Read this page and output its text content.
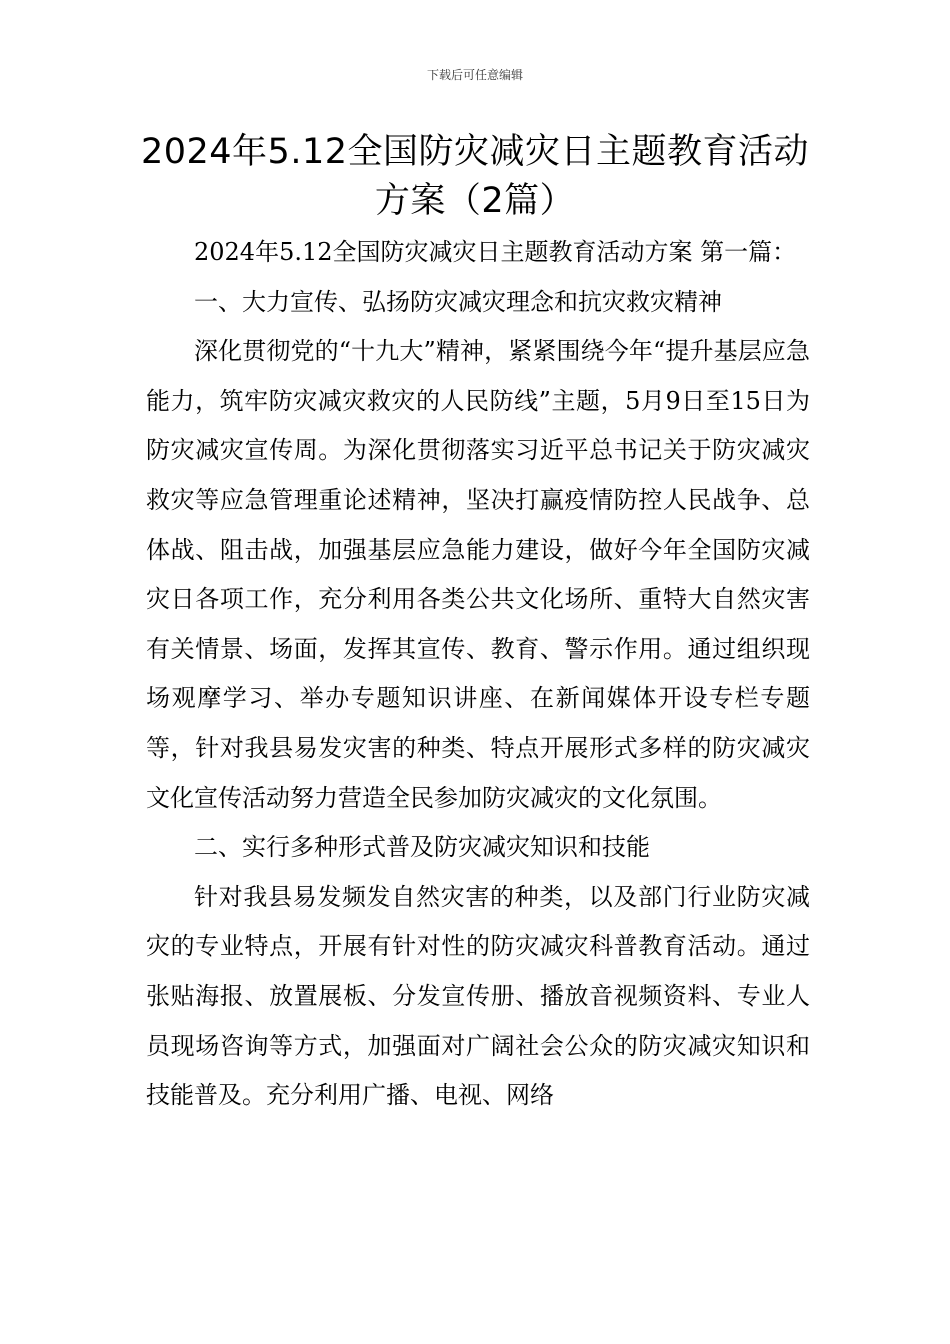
下载后可任意编辑
2024年5.12全国防灾减灾日主题教育活动方案（2篇）

2024年5.12全国防灾减灾日主题教育活动方案 第一篇：

一、大力宣传、弘扬防灾减灾理念和抗灾救灾精神

深化贯彻党的“十九大”精神，紧紧围绕今年“提升基层应急能力，筑牢防灾减灾救灾的人民防线”主题，5月9日至15日为防灾减灾宣传周。为深化贯彻落实习近平总书记关于防灾减灾救灾等应急管理重论述精神，坚决打赢疫情防控人民战争、总体战、阻击战，加强基层应急能力建设，做好今年全国防灾减灾日各项工作，充分利用各类公共文化场所、重特大自然灾害有关情景、场面，发挥其宣传、教育、警示作用。通过组织现场观摩学习、举办专题知识讲座、在新闻媒体开设专栏专题等，针对我县易发灾害的种类、特点开展形式多样的防灾减灾文化宣传活动努力营造全民参加防灾减灾的文化氛围。

二、实行多种形式普及防灾减灾知识和技能

针对我县易发频发自然灾害的种类，以及部门行业防灾减灾的专业特点，开展有针对性的防灾减灾科普教育活动。通过张贴海报、放置展板、分发宣传册、播放音视频资料、专业人员现场咨询等方式，加强面对广阔社会公众的防灾减灾知识和技能普及。充分利用广播、电视、网络
